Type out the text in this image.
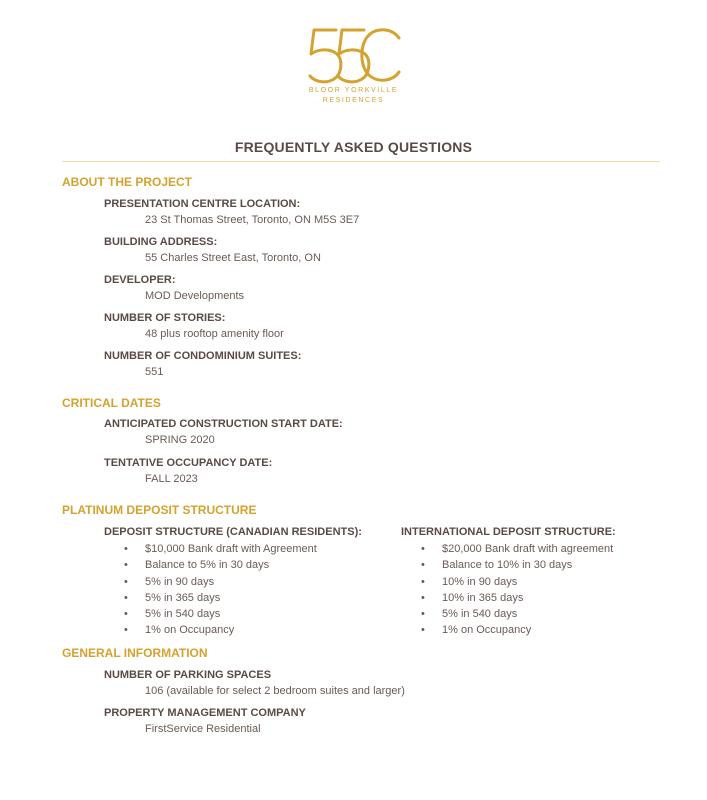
BLOOR YORKVILLE
RESIDENCES
FREQUENTLY ASKED QUESTIONS
ABOUT THE PROJECT
PRESENTATION CENTRE LOCATION:
23 St Thomas Street, Toronto, ON M5S 3E7
BUILDING ADDRESS:
55 Charles Street East, Toronto, ON
DEVELOPER:
MOD Developments
NUMBER OF STORIES:
48 plus rooftop amenity floor
NUMBER OF CONDOMINIUM SUITES:
551
CRITICAL DATES
ANTICIPATED CONSTRUCTION START DATE:
SPRING 2020
TENTATIVE OCCUPANCY DATE:
FALL 2023
PLATINUM DEPOSIT STRUCTURE
DEPOSIT STRUCTURE (CANADIAN RESIDENTS):
• $10,000 Bank draft with Agreement
• Balance to 5% in 30 days
• 5% in 90 days
• 5% in 365 days
• 5% in 540 days
• 1% on Occupancy
INTERNATIONAL DEPOSIT STRUCTURE:
• $20,000 Bank draft with agreement
• Balance to 10% in 30 days
• 10% in 90 days
• 10% in 365 days
• 5% in 540 days
• 1% on Occupancy
GENERAL INFORMATION
NUMBER OF PARKING SPACES
106 (available for select 2 bedroom suites and larger)
PROPERTY MANAGEMENT COMPANY
FirstService Residential
